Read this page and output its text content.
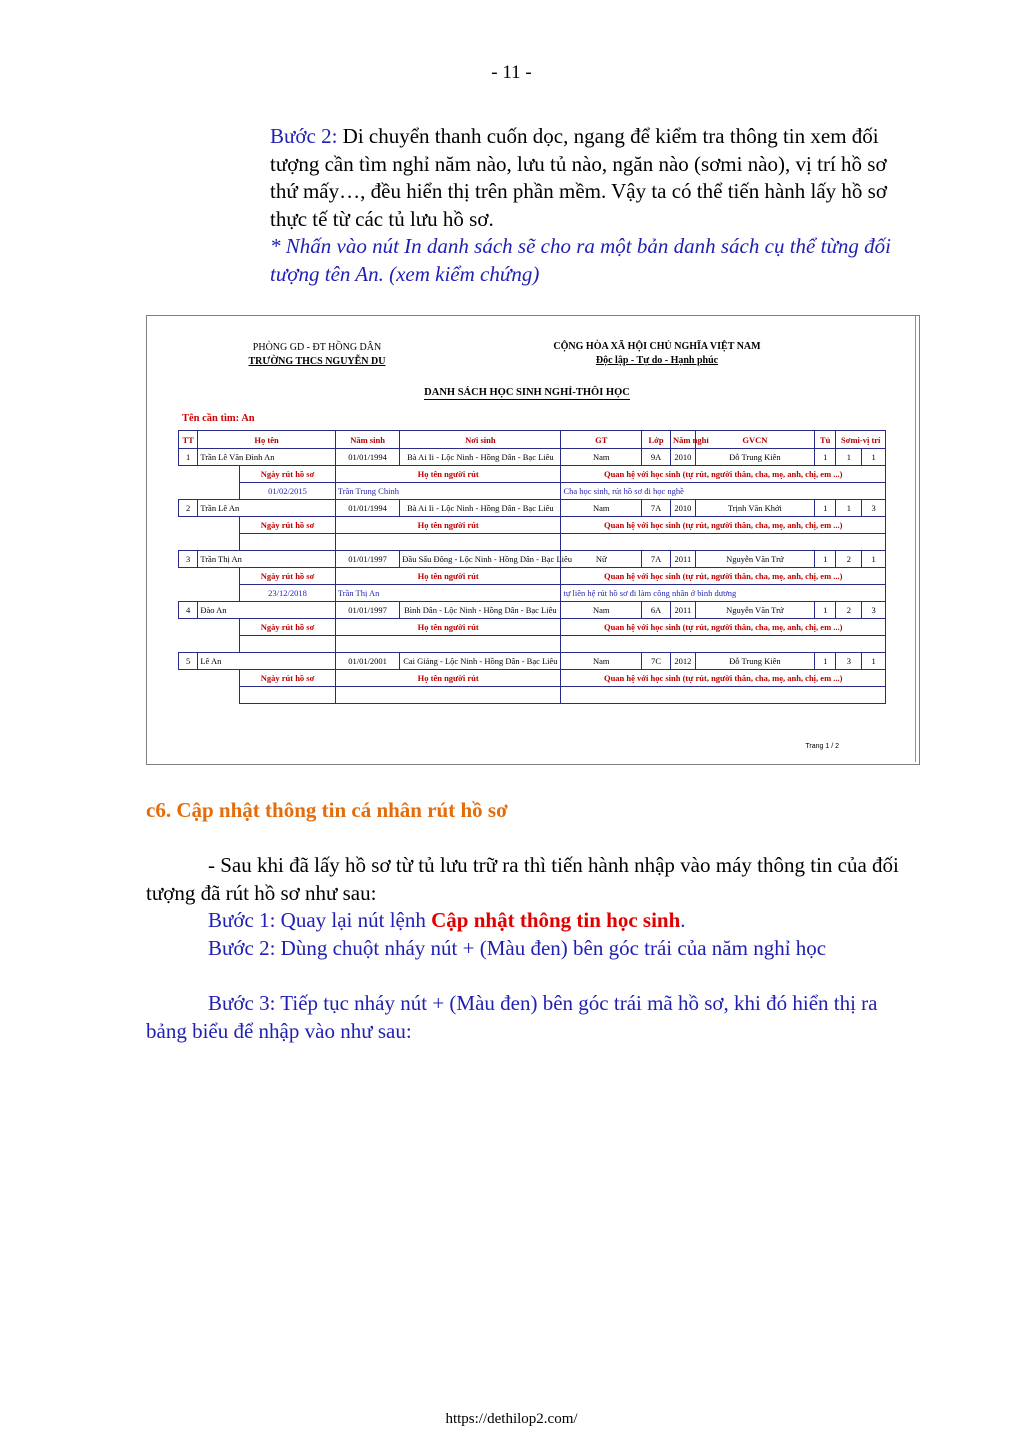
- 11 -
Bước 2: Di chuyển thanh cuốn dọc, ngang để kiểm tra thông tin xem đối tượng cần tìm nghỉ năm nào, lưu tủ nào, ngăn nào (sơmi nào), vị trí hồ sơ thứ mấy…, đều hiển thị trên phần mềm. Vậy ta có thể tiến hành lấy hồ sơ thực tế từ các tủ lưu hồ sơ.
* Nhấn vào nút In danh sách sẽ cho ra một bản danh sách cụ thể từng đối tượng tên An. (xem kiểm chứng)
PHÒNG GD - ĐT HỒNG DÂN
TRƯỜNG THCS NGUYỄN DU
CỘNG HÒA XÃ HỘI CHỦ NGHĨA VIỆT NAM
Độc lập - Tự do - Hạnh phúc
DANH SÁCH HỌC SINH NGHỈ-THÔI HỌC
Tên cần tìm: An
TT	Họ tên		Năm sinh	Nơi sinh	GT	Lớp	Năm nghỉ	GVCN	Tủ	Sơmi-vị trí	
1	Trần Lê Văn Đình An		01/01/1994	Bà Ai Ii - Lộc Ninh - Hồng Dân - Bạc Liêu	Nam	9A	2010	Đỗ Trung Kiên	1	1	1
		Ngày rút hồ sơ	Họ tên người rút		Quan hệ với học sinh (tự rút, người thân, cha, mẹ, anh, chị, em ...)						
		01/02/2015	Trần Trung Chinh		Cha học sinh, rút hồ sơ đi học nghề						
2	Trần Lê An		01/01/1994	Bà Ai Ii - Lộc Ninh - Hồng Dân - Bạc Liêu	Nam	7A	2010	Trịnh Văn Khởi	1	1	3
		Ngày rút hồ sơ	Họ tên người rút		Quan hệ với học sinh (tự rút, người thân, cha, mẹ, anh, chị, em ...)						

3	Trần Thị An		01/01/1997	Đầu Sấu Đông - Lộc Ninh - Hồng Dân - Bạc Liêu	Nữ	7A	2011	Nguyễn Văn Trứ	1	2	1
		Ngày rút hồ sơ	Họ tên người rút		Quan hệ với học sinh (tự rút, người thân, cha, mẹ, anh, chị, em ...)						
		23/12/2018	Trần Thị An		tự liên hệ rút hồ sơ đi làm công nhân ở bình dương						
4	Đào An		01/01/1997	Bình Dân - Lộc Ninh - Hồng Dân - Bạc Liêu	Nam	6A	2011	Nguyễn Văn Trứ	1	2	3
		Ngày rút hồ sơ	Họ tên người rút		Quan hệ với học sinh (tự rút, người thân, cha, mẹ, anh, chị, em ...)						

5	Lê An		01/01/2001	Cai Giảng - Lộc Ninh - Hồng Dân - Bạc Liêu	Nam	7C	2012	Đỗ Trung Kiên	1	3	1
		Ngày rút hồ sơ	Họ tên người rút		Quan hệ với học sinh (tự rút, người thân, cha, mẹ, anh, chị, em ...)						

Trang 1 / 2
c6. Cập nhật thông tin cá nhân rút hồ sơ
- Sau khi đã lấy hồ sơ từ tủ lưu trữ ra thì tiến hành nhập vào máy thông tin của đối tượng đã rút hồ sơ như sau:
Bước 1: Quay lại nút lệnh Cập nhật thông tin học sinh.
Bước 2: Dùng chuột nháy nút + (Màu đen) bên góc trái của năm nghỉ học
Bước 3: Tiếp tục nháy nút + (Màu đen) bên góc trái mã hồ sơ, khi đó hiển thị ra bảng biểu để nhập vào như sau:
https://dethilop2.com/
